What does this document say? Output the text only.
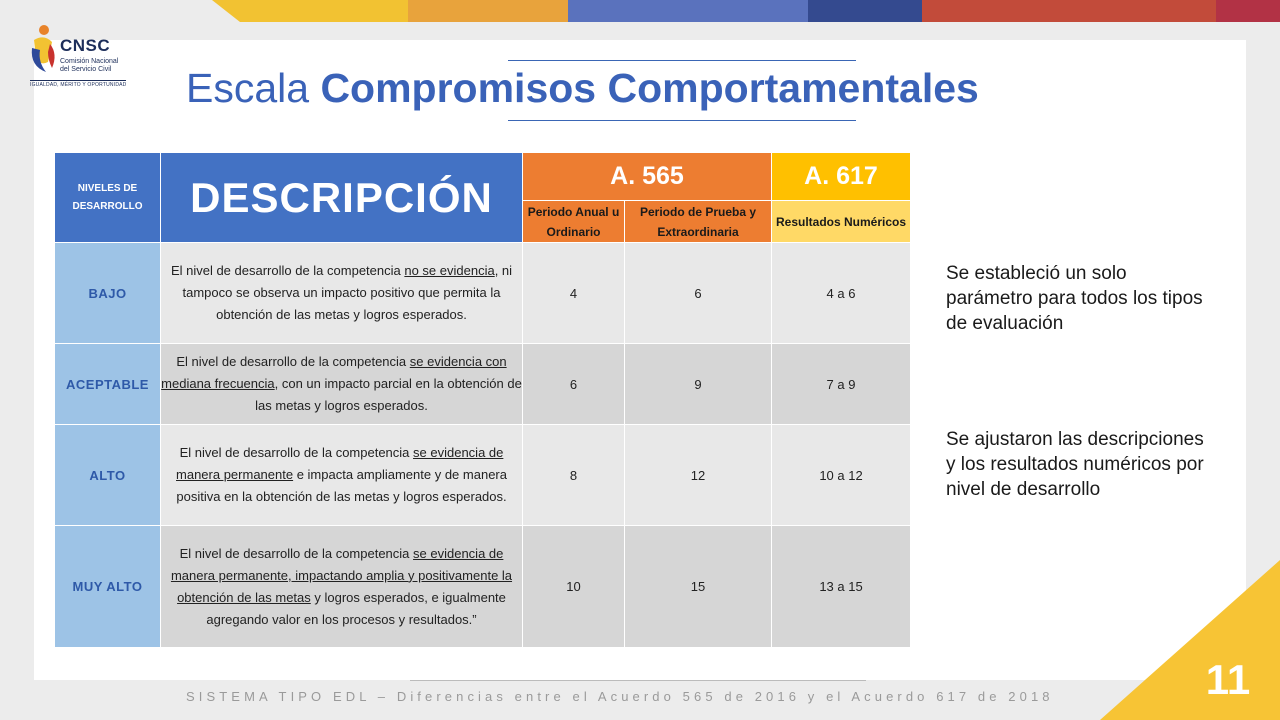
CNSC
Comisión Nacional
del Servicio Civil
IGUALDAD, MÉRITO Y OPORTUNIDAD Escala Compromisos Comportamentales
NIVELES DE DESARROLLO	DESCRIPCIÓN	A. 565		A. 617
		Periodo Anual u Ordinario	Periodo de Prueba y Extraordinaria	Resultados Numéricos
BAJO	El nivel de desarrollo de la competencia no se evidencia, ni tampoco se observa un impacto positivo que permita la obtención de las metas y logros esperados.	4	6	4 a 6
ACEPTABLE	El nivel de desarrollo de la competencia se evidencia con mediana frecuencia, con un impacto parcial en la obtención de las metas y logros esperados.	6	9	7 a 9
ALTO	El nivel de desarrollo de la competencia se evidencia de manera permanente e impacta ampliamente y de manera positiva en la obtención de las metas y logros esperados.	8	12	10 a 12
MUY ALTO	El nivel de desarrollo de la competencia se evidencia de manera permanente, impactando amplia y positivamente la obtención de las metas y logros esperados, e igualmente agregando valor en los procesos y resultados.”	10	15	13 a 15
Se estableció un solo parámetro para todos los tipos de evaluación
Se ajustaron las descripciones y los resultados numéricos por nivel de desarrollo
SISTEMA TIPO EDL – Diferencias entre el Acuerdo 565 de 2016 y el Acuerdo 617 de 2018	11
